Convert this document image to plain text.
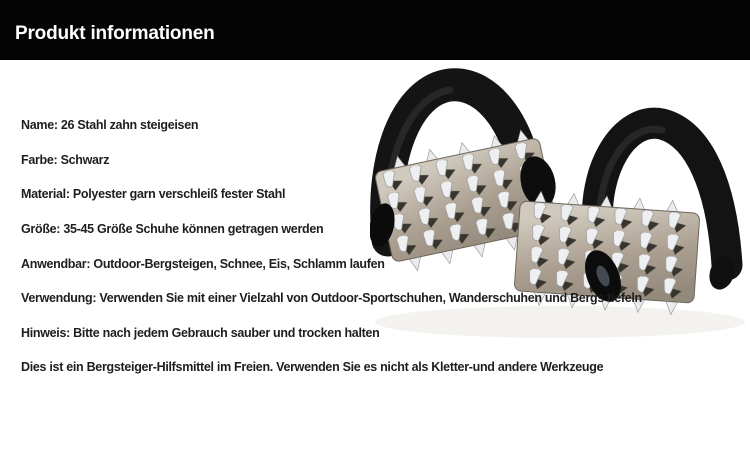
Produkt informationen
Name: 26 Stahl zahn steigeisen
Farbe: Schwarz
Material: Polyester garn verschleiß fester Stahl
Größe: 35-45 Größe Schuhe können getragen werden
Anwendbar: Outdoor-Bergsteigen, Schnee, Eis, Schlamm laufen
Verwendung: Verwenden Sie mit einer Vielzahl von Outdoor-Sportschuhen, Wanderschuhen und Bergs tiefeln
Hinweis: Bitte nach jedem Gebrauch sauber und trocken halten
Dies ist ein Bergsteiger-Hilfsmittel im Freien. Verwenden Sie es nicht als Kletter-und andere Werkzeuge
